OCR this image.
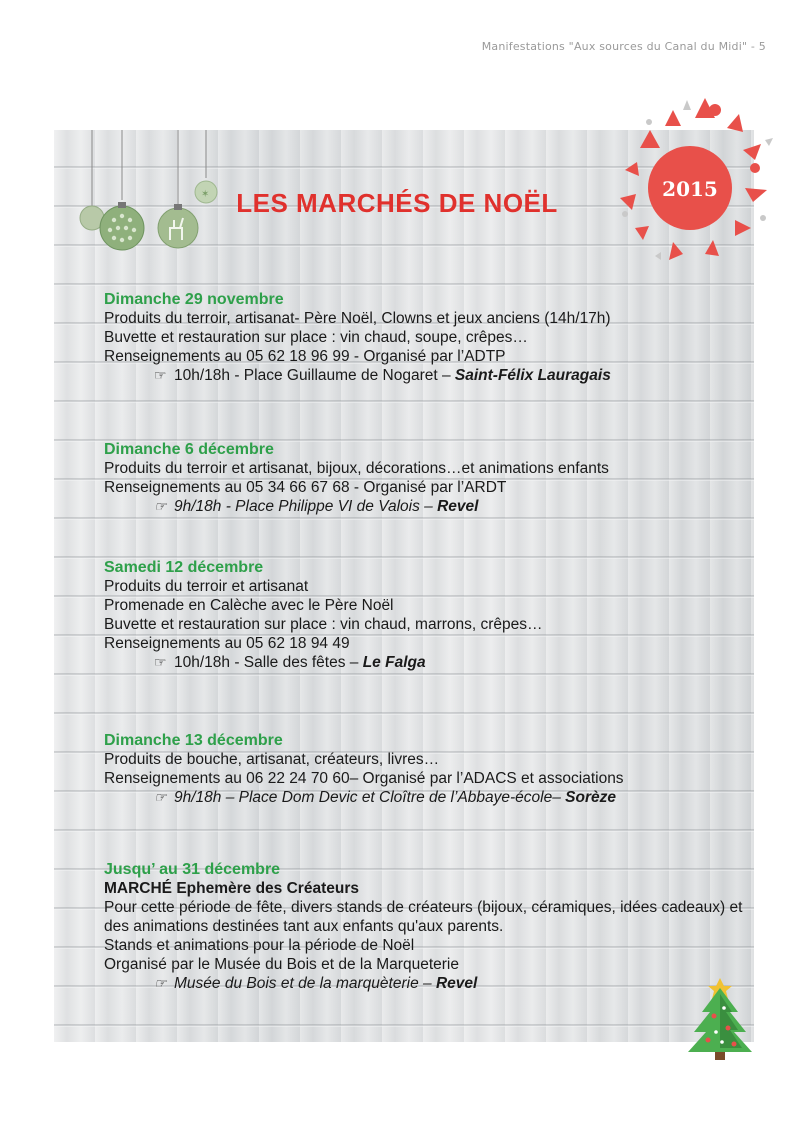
Manifestations "Aux sources du Canal du Midi" - 5
✶	2015
LES MARCHÉS DE NOËL
Dimanche 29 novembre
Produits du terroir, artisanat- Père Noël, Clowns et jeux anciens (14h/17h)
Buvette et restauration sur place : vin chaud, soupe, crêpes…
Renseignements au 05 62 18 96 99 - Organisé par l’ADTP
☞ 10h/18h - Place Guillaume de Nogaret – Saint-Félix Lauragais
Dimanche 6 décembre
Produits du terroir et artisanat, bijoux, décorations…et animations enfants
Renseignements au 05 34 66 67 68 - Organisé par l’ARDT
☞ 9h/18h - Place Philippe VI de Valois – Revel
Samedi 12 décembre
Produits du terroir et artisanat
Promenade en Calèche avec le Père Noël
Buvette et restauration sur place : vin chaud, marrons, crêpes…
Renseignements au 05 62 18 94 49
☞ 10h/18h - Salle des fêtes – Le Falga
Dimanche 13 décembre
Produits de bouche, artisanat, créateurs, livres…
Renseignements au 06 22 24 70 60– Organisé par l’ADACS et associations
☞ 9h/18h – Place Dom Devic et Cloître de l’Abbaye-école– Sorèze
Jusqu’ au 31 décembre
MARCHÉ Ephemère des Créateurs
Pour cette période de fête, divers stands de créateurs (bijoux, céramiques, idées cadeaux) et des animations destinées tant aux enfants qu'aux parents.
Stands et animations pour la période de Noël
Organisé par le Musée du Bois et de la Marqueterie
☞ Musée du Bois et de la marquèterie – Revel
